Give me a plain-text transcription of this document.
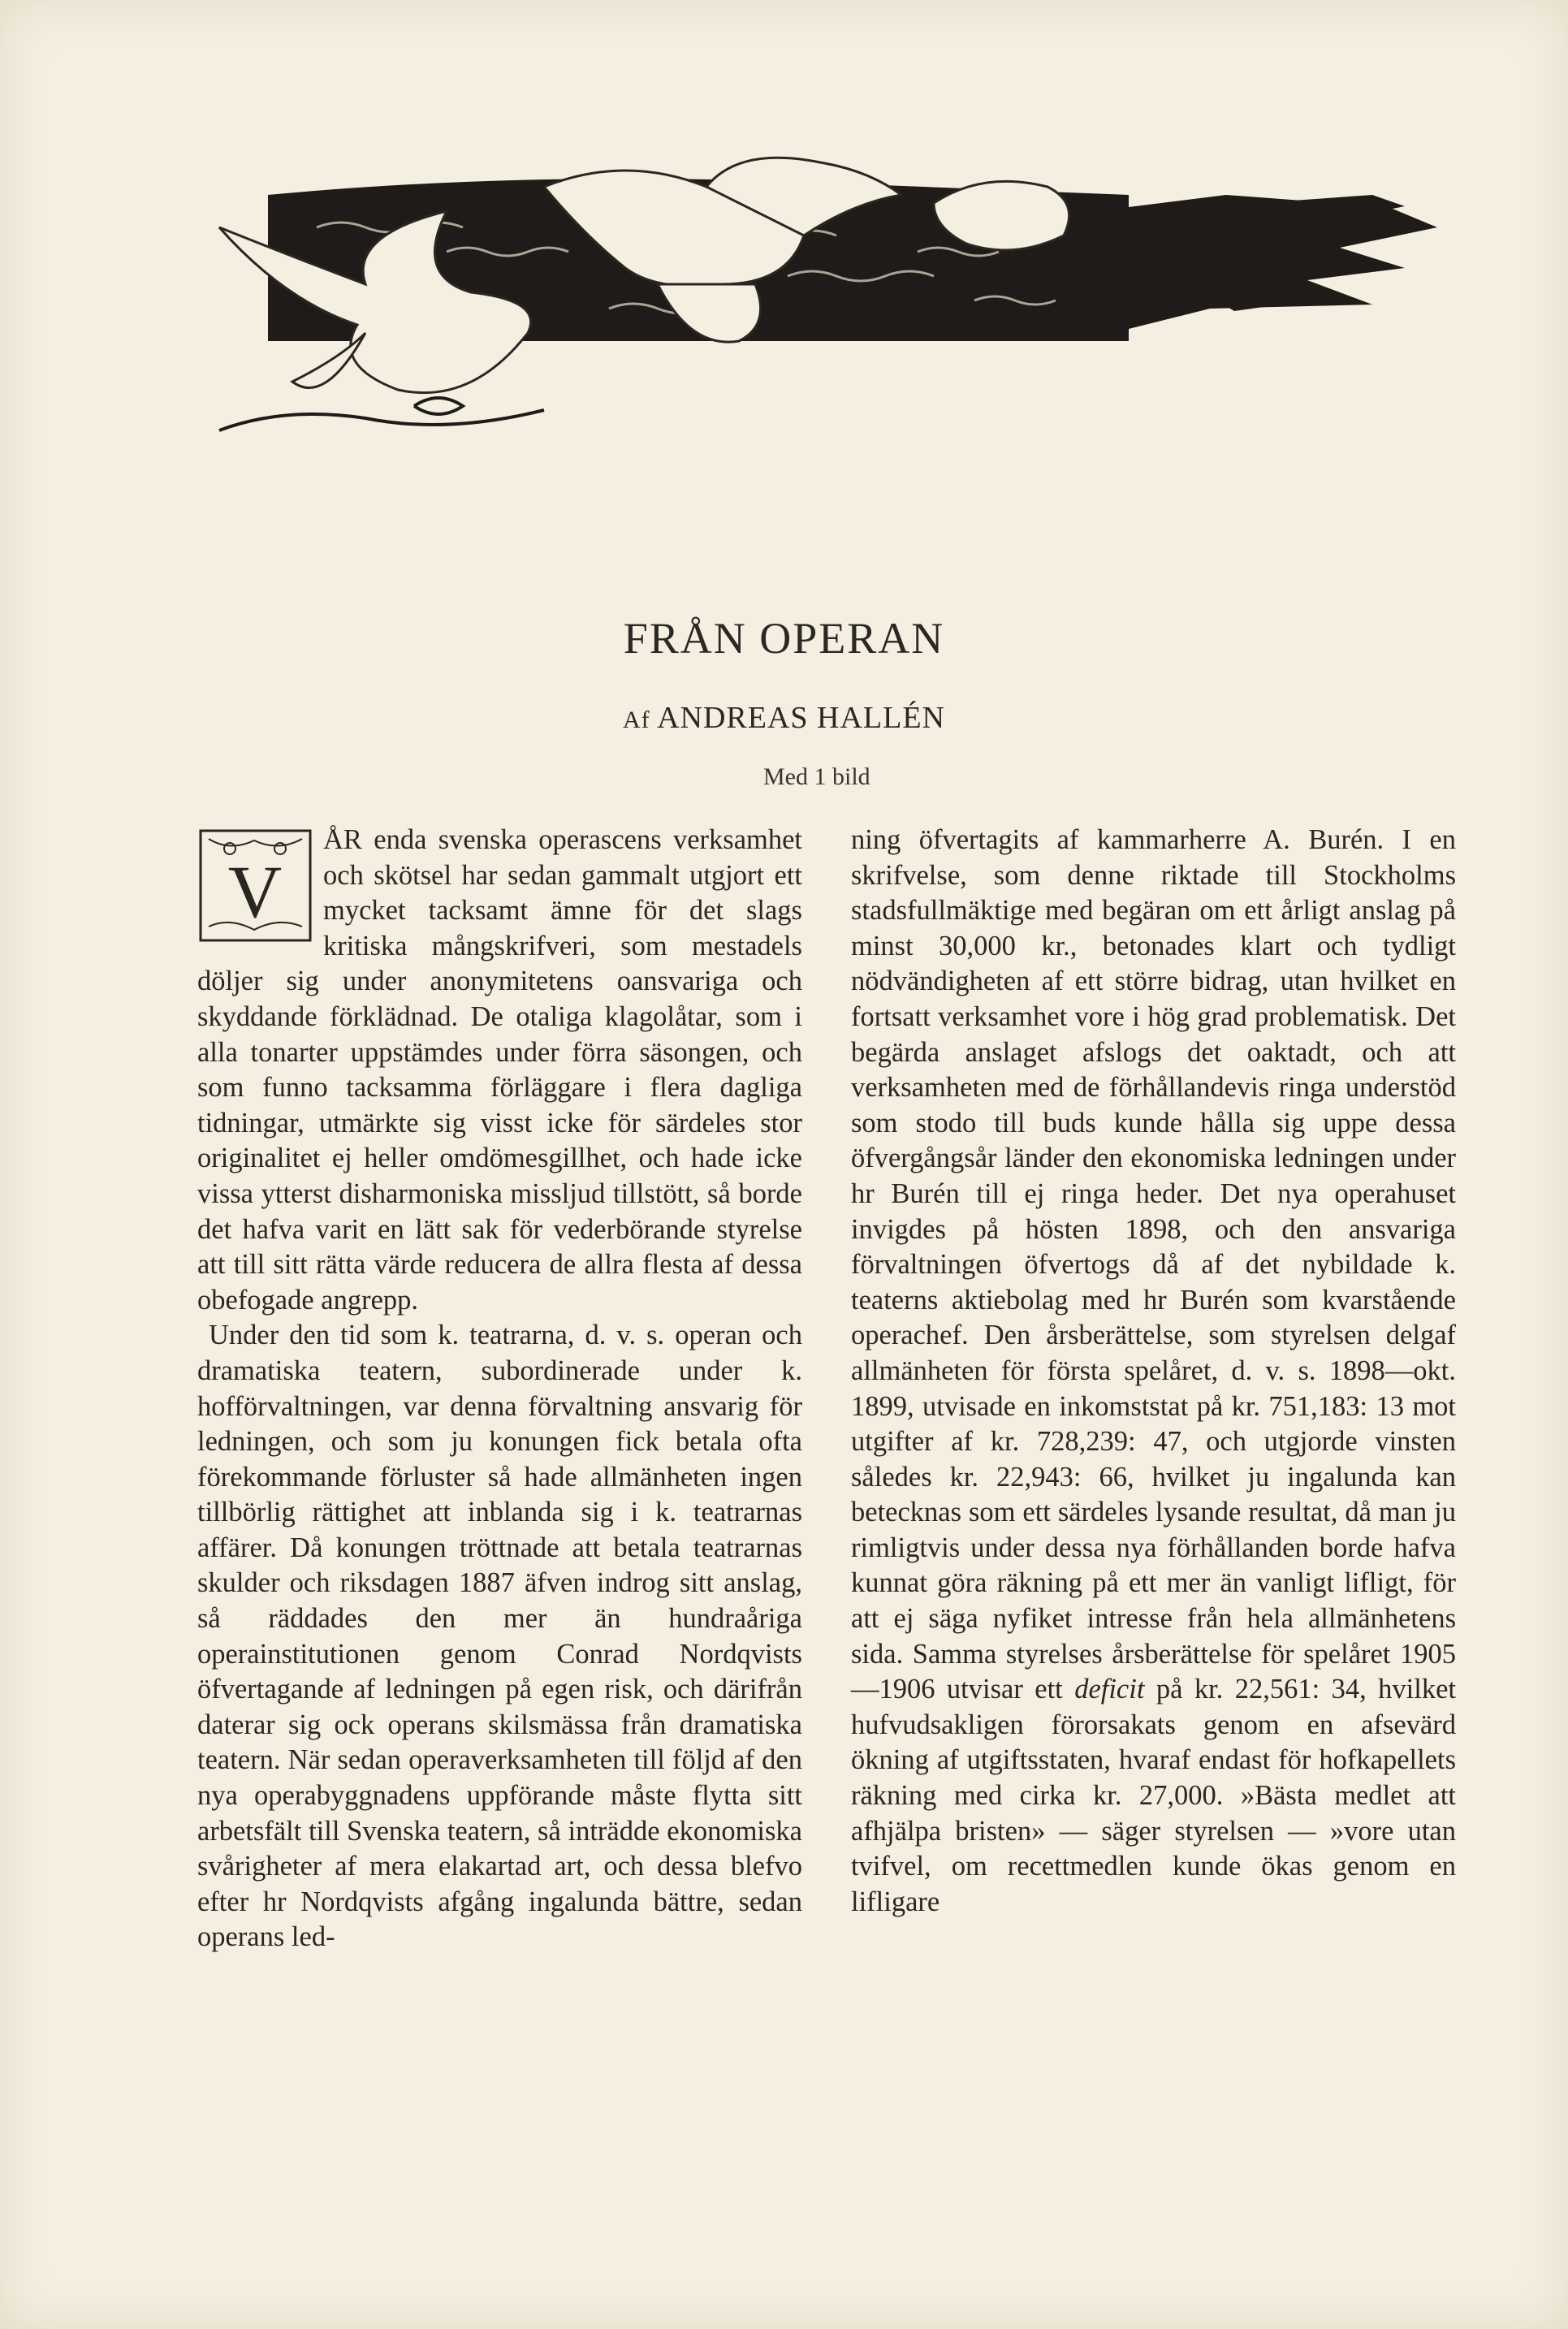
FRÅN OPERAN
Af ANDREAS HALLÉN
Med 1 bild
V

ÅR enda svenska operascens verksamhet och skötsel har sedan gammalt utgjort ett mycket tacksamt ämne för det slags kritiska mångskrifveri, som mestadels döljer sig under anonymitetens oansvariga och skyddande förklädnad. De otaliga klagolåtar, som i alla tonarter uppstämdes under förra säsongen, och som funno tacksamma förläggare i flera dagliga tidningar, utmärkte sig visst icke för särdeles stor originalitet ej heller omdömesgillhet, och hade icke vissa ytterst disharmoniska missljud tillstött, så borde det hafva varit en lätt sak för vederbörande styrelse att till sitt rätta värde reducera de allra flesta af dessa obefogade angrepp.

Under den tid som k. teatrarna, d. v. s. operan och dramatiska teatern, subordinerade under k. hofförvaltningen, var denna förvaltning ansvarig för ledningen, och som ju konungen fick betala ofta förekommande förluster så hade allmänheten ingen tillbörlig rättighet att inblanda sig i k. teatrarnas affärer. Då konungen tröttnade att betala teatrarnas skulder och riksdagen 1887 äfven indrog sitt anslag, så räddades den mer än hundraåriga operainstitutionen genom Conrad Nordqvists öfvertagande af ledningen på egen risk, och därifrån daterar sig ock operans skilsmässa från dramatiska teatern. När sedan operaverksamheten till följd af den nya operabyggnadens uppförande måste flytta sitt arbetsfält till Svenska teatern, så inträdde ekonomiska svårigheter af mera elakartad art, och dessa blefvo efter hr Nordqvists afgång ingalunda bättre, sedan operans led-

ning öfvertagits af kammarherre A. Burén. I en skrifvelse, som denne riktade till Stockholms stadsfullmäktige med begäran om ett årligt anslag på minst 30,000 kr., betonades klart och tydligt nödvändigheten af ett större bidrag, utan hvilket en fortsatt verksamhet vore i hög grad problematisk. Det begärda anslaget afslogs det oaktadt, och att verksamheten med de förhållandevis ringa understöd som stodo till buds kunde hålla sig uppe dessa öfvergångsår länder den ekonomiska ledningen under hr Burén till ej ringa heder. Det nya operahuset invigdes på hösten 1898, och den ansvariga förvaltningen öfvertogs då af det nybildade k. teaterns aktiebolag med hr Burén som kvarstående operachef. Den årsberättelse, som styrelsen delgaf allmänheten för första spelåret, d. v. s. 1898—okt. 1899, utvisade en inkomststat på kr. 751,183: 13 mot utgifter af kr. 728,239: 47, och utgjorde vinsten således kr. 22,943: 66, hvilket ju ingalunda kan betecknas som ett särdeles lysande resultat, då man ju rimligtvis under dessa nya förhållanden borde hafva kunnat göra räkning på ett mer än vanligt lifligt, för att ej säga nyfiket intresse från hela allmänhetens sida. Samma styrelses årsberättelse för spelåret 1905—1906 utvisar ett deficit på kr. 22,561: 34, hvilket hufvudsakligen förorsakats genom en afsevärd ökning af utgiftsstaten, hvaraf endast för hofkapellets räkning med cirka kr. 27,000. »Bästa medlet att afhjälpa bristen» — säger styrelsen — »vore utan tvifvel, om recettmedlen kunde ökas genom en lifligare
